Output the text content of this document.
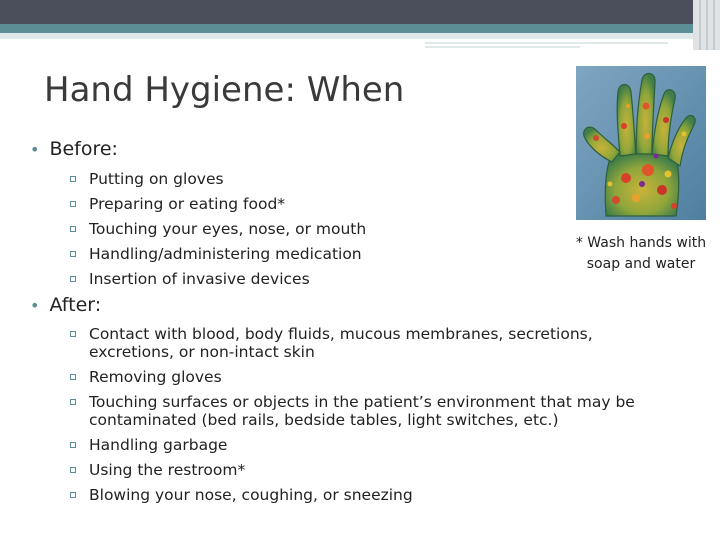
Hand Hygiene: When
• Before:
Putting on gloves
Preparing or eating food*
Touching your eyes, nose, or mouth
Handling/administering medication
Insertion of invasive devices
• After:
Contact with blood, body fluids, mucous membranes, secretions, excretions, or non-intact skin
Removing gloves
Touching surfaces or objects in the patient’s environment that may be contaminated (bed rails, bedside tables, light switches, etc.)
Handling garbage
Using the restroom*
Blowing your nose, coughing, or sneezing
* Wash hands with soap and water
